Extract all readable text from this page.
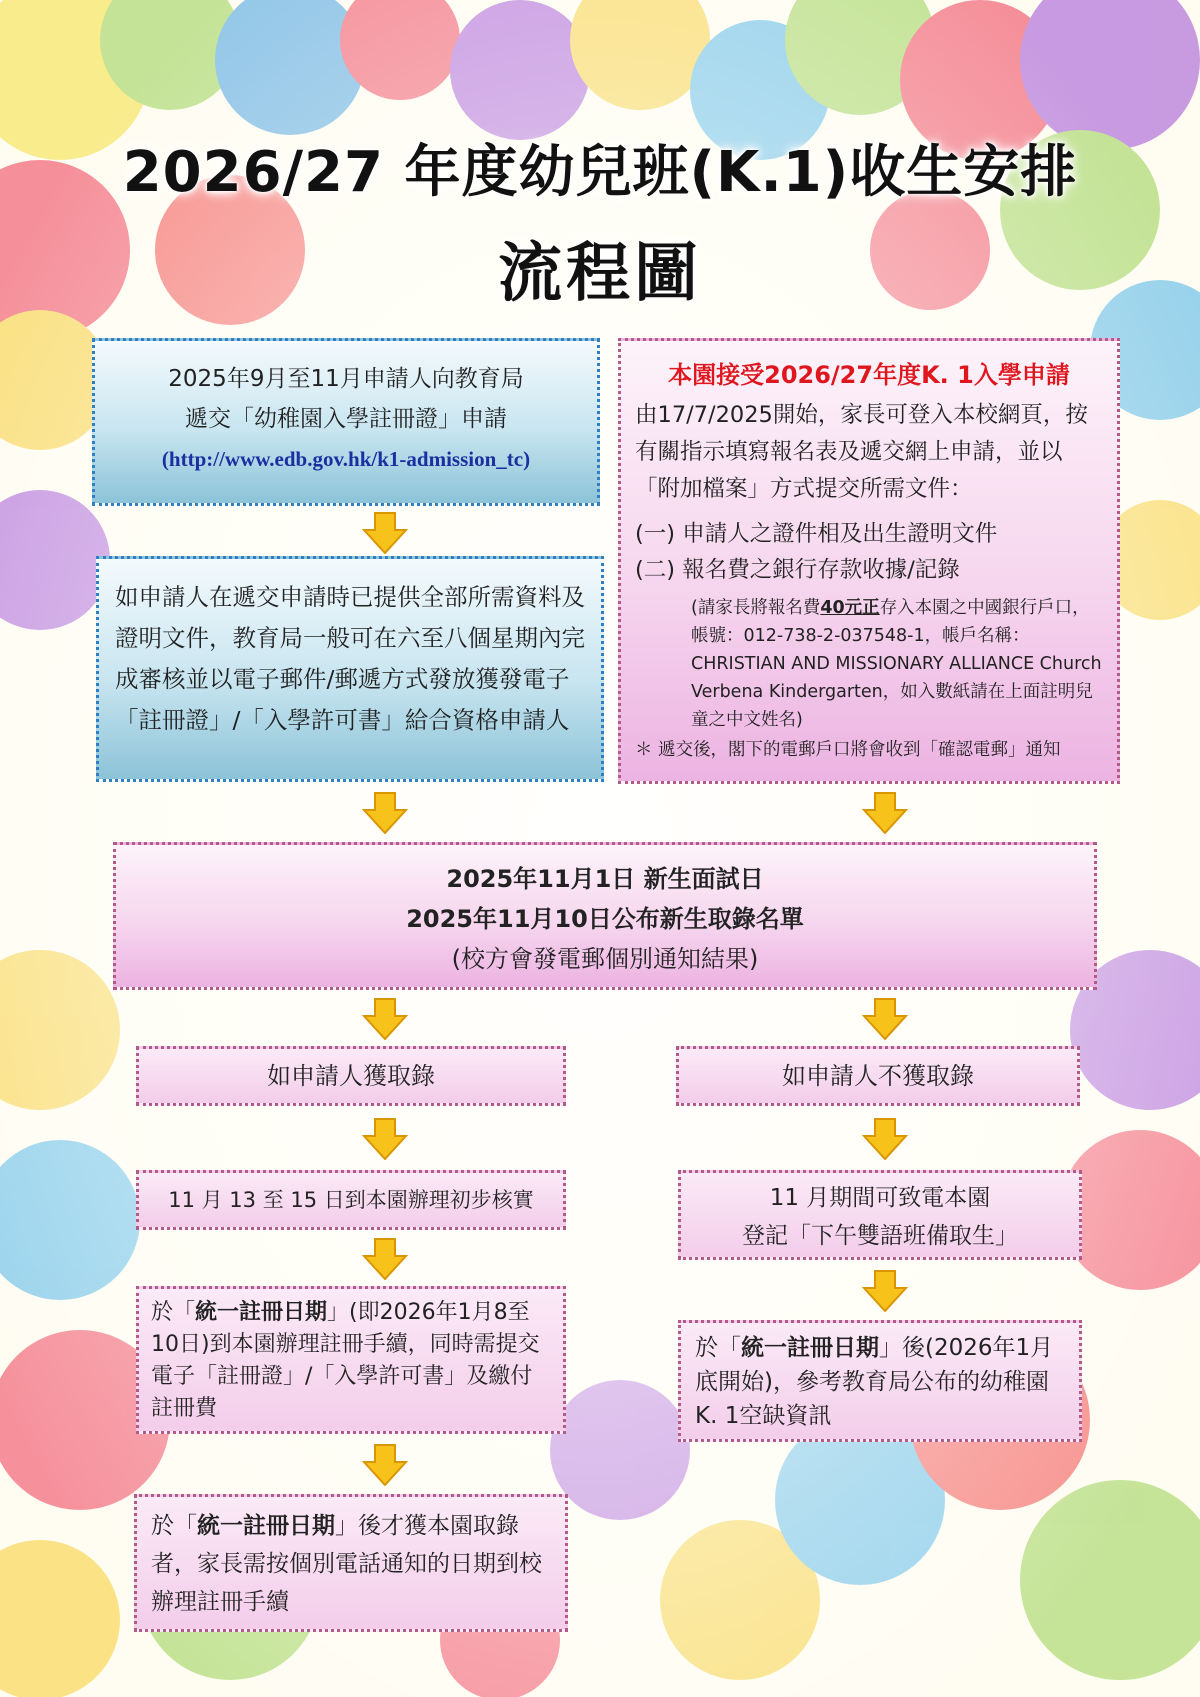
2026/27 年度幼兒班(K.1)收生安排
流程圖
2025年9月至11月申請人向教育局
遞交「幼稚園入學註冊證」申請
(http://www.edb.gov.hk/k1-admission_tc)
如申請人在遞交申請時已提供全部所需資料及證明文件，教育局一般可在六至八個星期內完成審核並以電子郵件/郵遞方式發放獲發電子「註冊證」/「入學許可書」給合資格申請人
本園接受2026/27年度K. 1入學申請
由17/7/2025開始，家長可登入本校網頁，按有關指示填寫報名表及遞交網上申請，並以「附加檔案」方式提交所需文件：
(一) 申請人之證件相及出生證明文件
(二) 報名費之銀行存款收據/記錄
(請家長將報名費40元正存入本園之中國銀行戶口，帳號：012-738-2-037548-1，帳戶名稱：CHRISTIAN AND MISSIONARY ALLIANCE Church Verbena Kindergarten，如入數紙請在上面註明兒童之中文姓名)
＊ 遞交後，閣下的電郵戶口將會收到「確認電郵」通知
2025年11月1日 新生面試日
2025年11月10日公布新生取錄名單
(校方會發電郵個別通知結果)
如申請人獲取錄
11 月 13 至 15 日到本園辦理初步核實
於「統一註冊日期」(即2026年1月8至10日)到本園辦理註冊手續，同時需提交電子「註冊證」/「入學許可書」及繳付註冊費
於「統一註冊日期」後才獲本園取錄者，家長需按個別電話通知的日期到校辦理註冊手續
如申請人不獲取錄
11 月期間可致電本園
登記「下午雙語班備取生」
於「統一註冊日期」後(2026年1月底開始)，參考教育局公布的幼稚園K. 1空缺資訊
